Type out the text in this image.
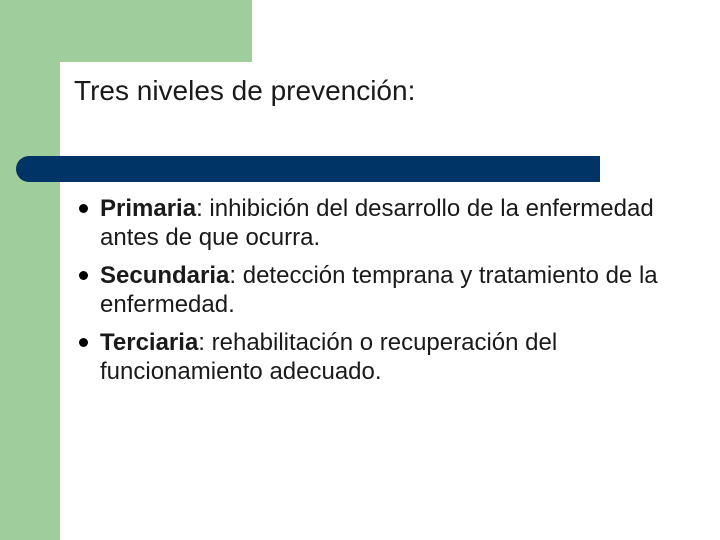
Tres niveles de prevención:
Primaria: inhibición del desarrollo de la enfermedad antes de que ocurra.
Secundaria: detección temprana y tratamiento de la enfermedad.
Terciaria: rehabilitación o recuperación del funcionamiento adecuado.
